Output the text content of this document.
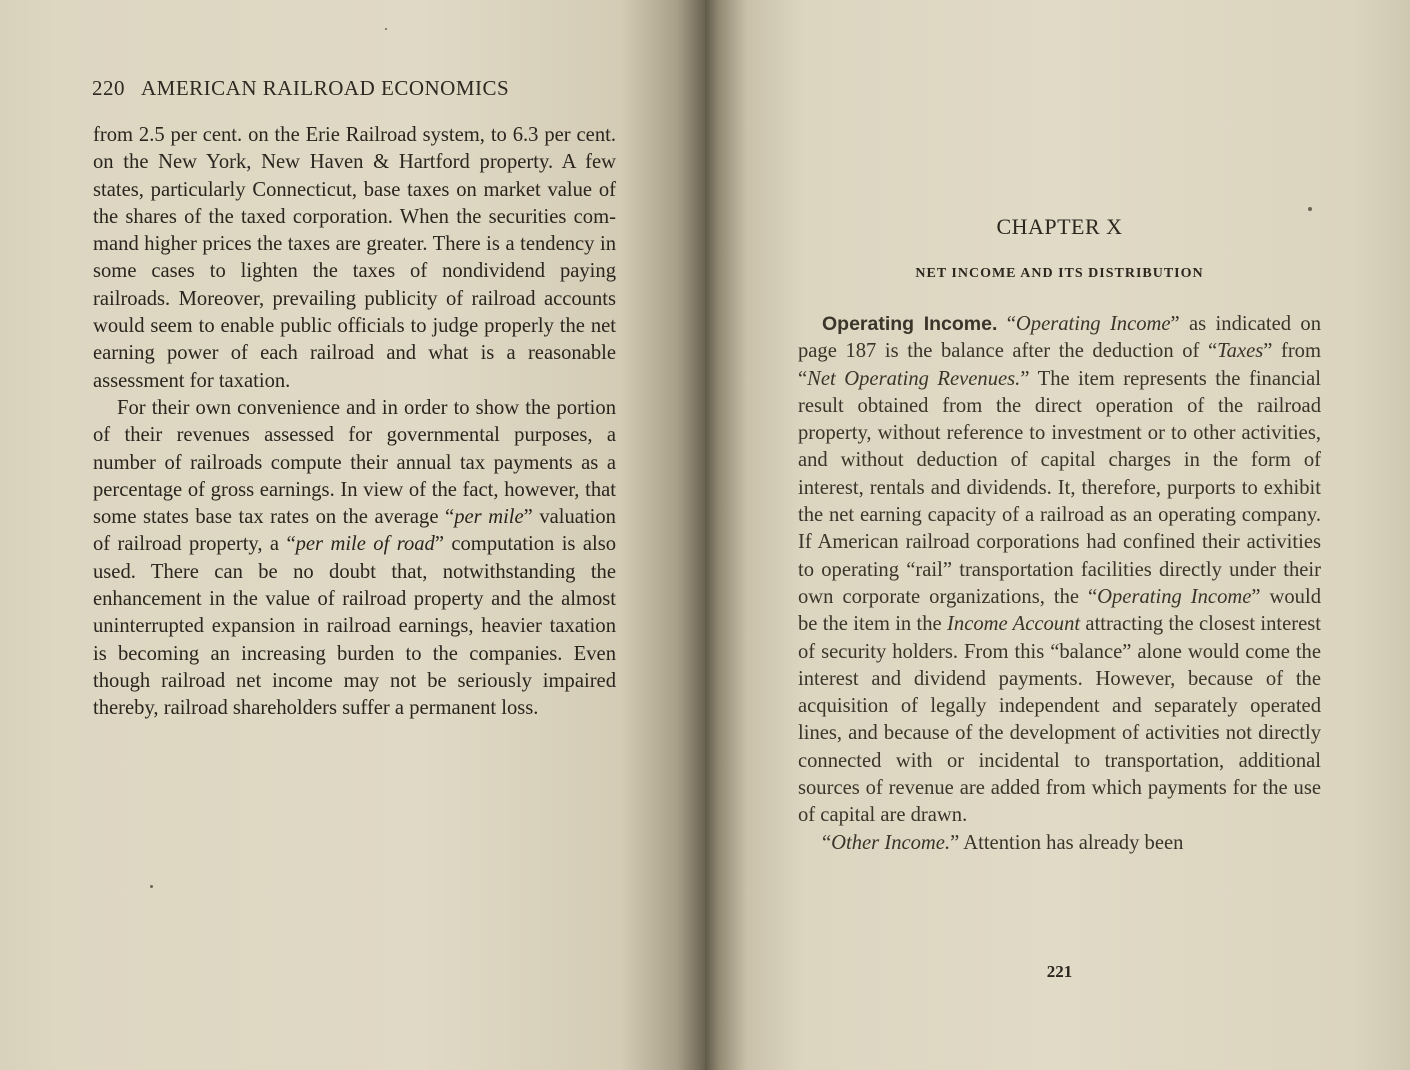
220 AMERICAN RAILROAD ECONOMICS

from 2.5 per cent. on the Erie Railroad system, to 6.3 per cent. on the New York, New Haven & Hartford property. A few states, particularly Connecticut, base taxes on market value of the shares of the taxed corporation. When the securities command higher prices the taxes are greater. There is a tendency in some cases to lighten the taxes of nondividend paying railroads. Moreover, prevailing publicity of railroad accounts would seem to enable public officials to judge properly the net earning power of each railroad and what is a reasonable assessment for taxation.

For their own convenience and in order to show the portion of their revenues assessed for governmental purposes, a number of railroads compute their annual tax payments as a percentage of gross earnings. In view of the fact, however, that some states base tax rates on the average “per mile” valuation of railroad property, a “per mile of road” computation is also used. There can be no doubt that, notwithstanding the enhancement in the value of railroad property and the almost uninterrupted expansion in railroad earnings, heavier taxation is becoming an increasing burden to the companies. Even though railroad net income may not be seriously impaired thereby, railroad shareholders suffer a permanent loss.

CHAPTER X
NET INCOME AND ITS DISTRIBUTION

Operating Income. “Operating Income” as indicated on page 187 is the balance after the deduction of “Taxes” from “Net Operating Revenues.” The item represents the financial result obtained from the direct operation of the railroad property, without reference to investment or to other activities, and without deduction of capital charges in the form of interest, rentals and dividends. It, therefore, purports to exhibit the net earning capacity of a railroad as an operating company. If American railroad corporations had confined their activities to operating “rail” transportation facilities directly under their own corporate organizations, the “Operating Income” would be the item in the Income Account attracting the closest interest of security holders. From this “balance” alone would come the interest and dividend payments. However, because of the acquisition of legally independent and separately operated lines, and because of the development of activities not directly connected with or incidental to transportation, additional sources of revenue are added from which payments for the use of capital are drawn.

“Other Income.” Attention has already been

221
